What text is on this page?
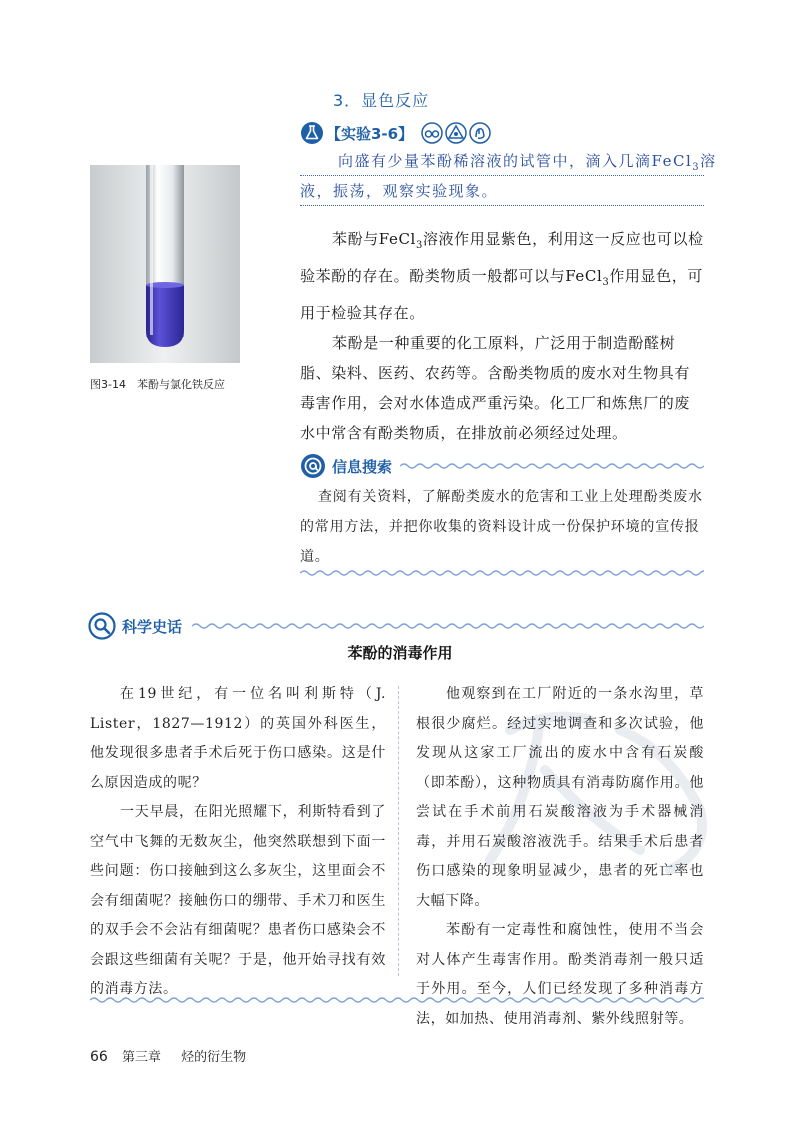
3．显色反应
【实验3-6】
向盛有少量苯酚稀溶液的试管中，滴入几滴FeCl$_3$溶
液，振荡，观察实验现象。
图3-14　苯酚与氯化铁反应

苯酚与FeCl$_3$溶液作用显紫色，利用这一反应也可以检验苯酚的存在。酚类物质一般都可以与FeCl$_3$作用显色，可用于检验其存在。

苯酚是一种重要的化工原料，广泛用于制造酚醛树脂、染料、医药、农药等。含酚类物质的废水对生物具有毒害作用，会对水体造成严重污染。化工厂和炼焦厂的废水中常含有酚类物质，在排放前必须经过处理。

信息搜索

查阅有关资料，了解酚类废水的危害和工业上处理酚类废水的常用方法，并把你收集的资料设计成一份保护环境的宣传报道。

科学史话
苯酚的消毒作用

在19世纪，有一位名叫利斯特（J. Lister，1827—1912）的英国外科医生，他发现很多患者手术后死于伤口感染。这是什么原因造成的呢？

一天早晨，在阳光照耀下，利斯特看到了空气中飞舞的无数灰尘，他突然联想到下面一些问题：伤口接触到这么多灰尘，这里面会不会有细菌呢？接触伤口的绷带、手术刀和医生的双手会不会沾有细菌呢？患者伤口感染会不会跟这些细菌有关呢？于是，他开始寻找有效的消毒方法。

他观察到在工厂附近的一条水沟里，草根很少腐烂。经过实地调查和多次试验，他发现从这家工厂流出的废水中含有石炭酸（即苯酚），这种物质具有消毒防腐作用。他尝试在手术前用石炭酸溶液为手术器械消毒，并用石炭酸溶液洗手。结果手术后患者伤口感染的现象明显减少，患者的死亡率也大幅下降。

苯酚有一定毒性和腐蚀性，使用不当会对人体产生毒害作用。酚类消毒剂一般只适于外用。至今，人们已经发现了多种消毒方法，如加热、使用消毒剂、紫外线照射等。

66 第三章 烃的衍生物
